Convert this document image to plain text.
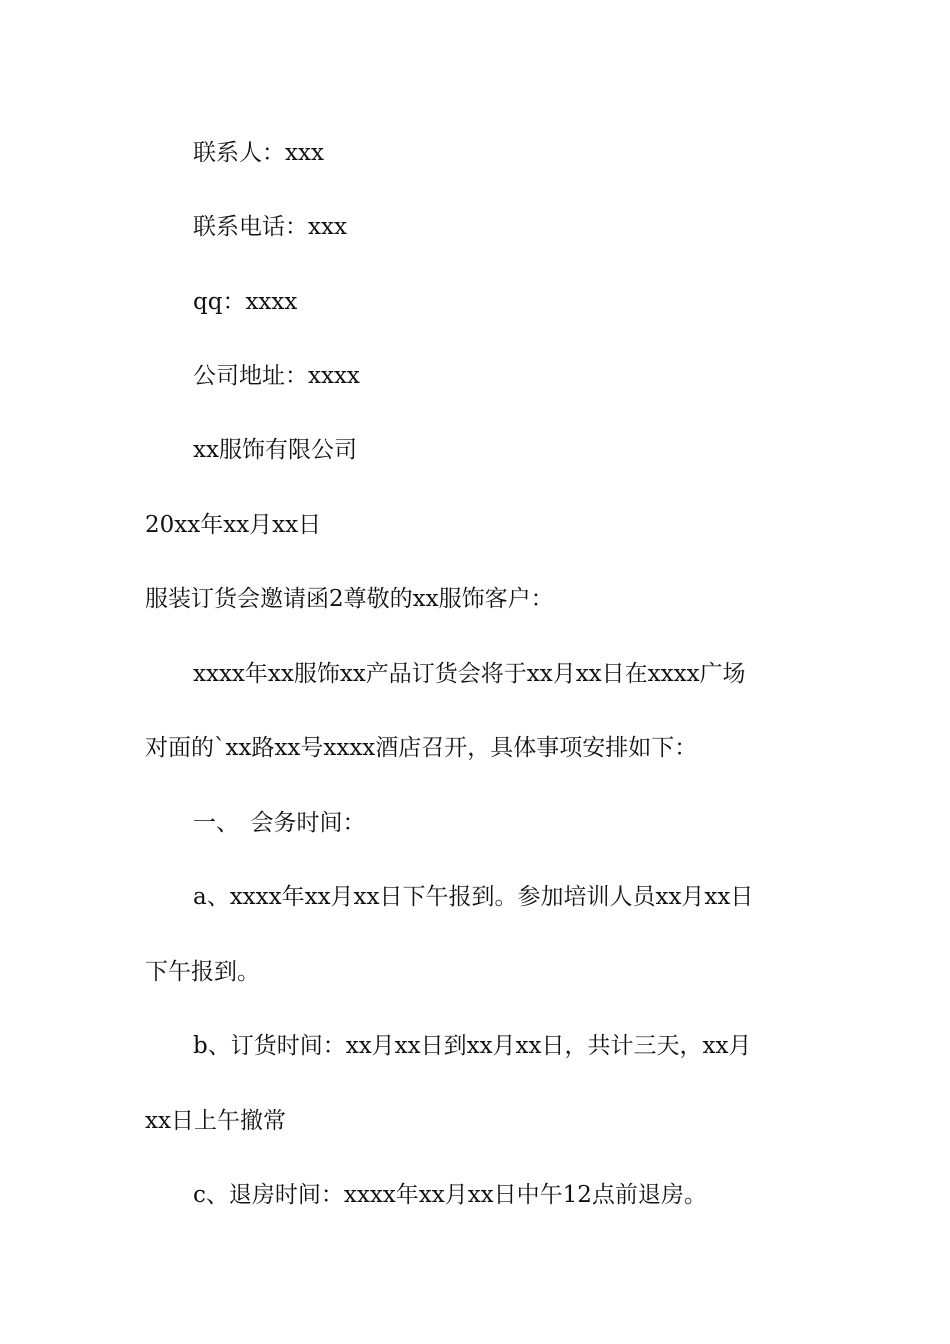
联系人：xxx
联系电话：xxx
qq：xxxx
公司地址：xxxx
xx服饰有限公司
20xx年xx月xx日
服装订货会邀请函2尊敬的xx服饰客户：
xxxx年xx服饰xx产品订货会将于xx月xx日在xxxx广场
对面的`xx路xx号xxxx酒店召开，具体事项安排如下：
一、　会务时间：
a、xxxx年xx月xx日下午报到。参加培训人员xx月xx日
下午报到。
b、订货时间：xx月xx日到xx月xx日，共计三天，xx月
xx日上午撤常
c、退房时间：xxxx年xx月xx日中午12点前退房。
